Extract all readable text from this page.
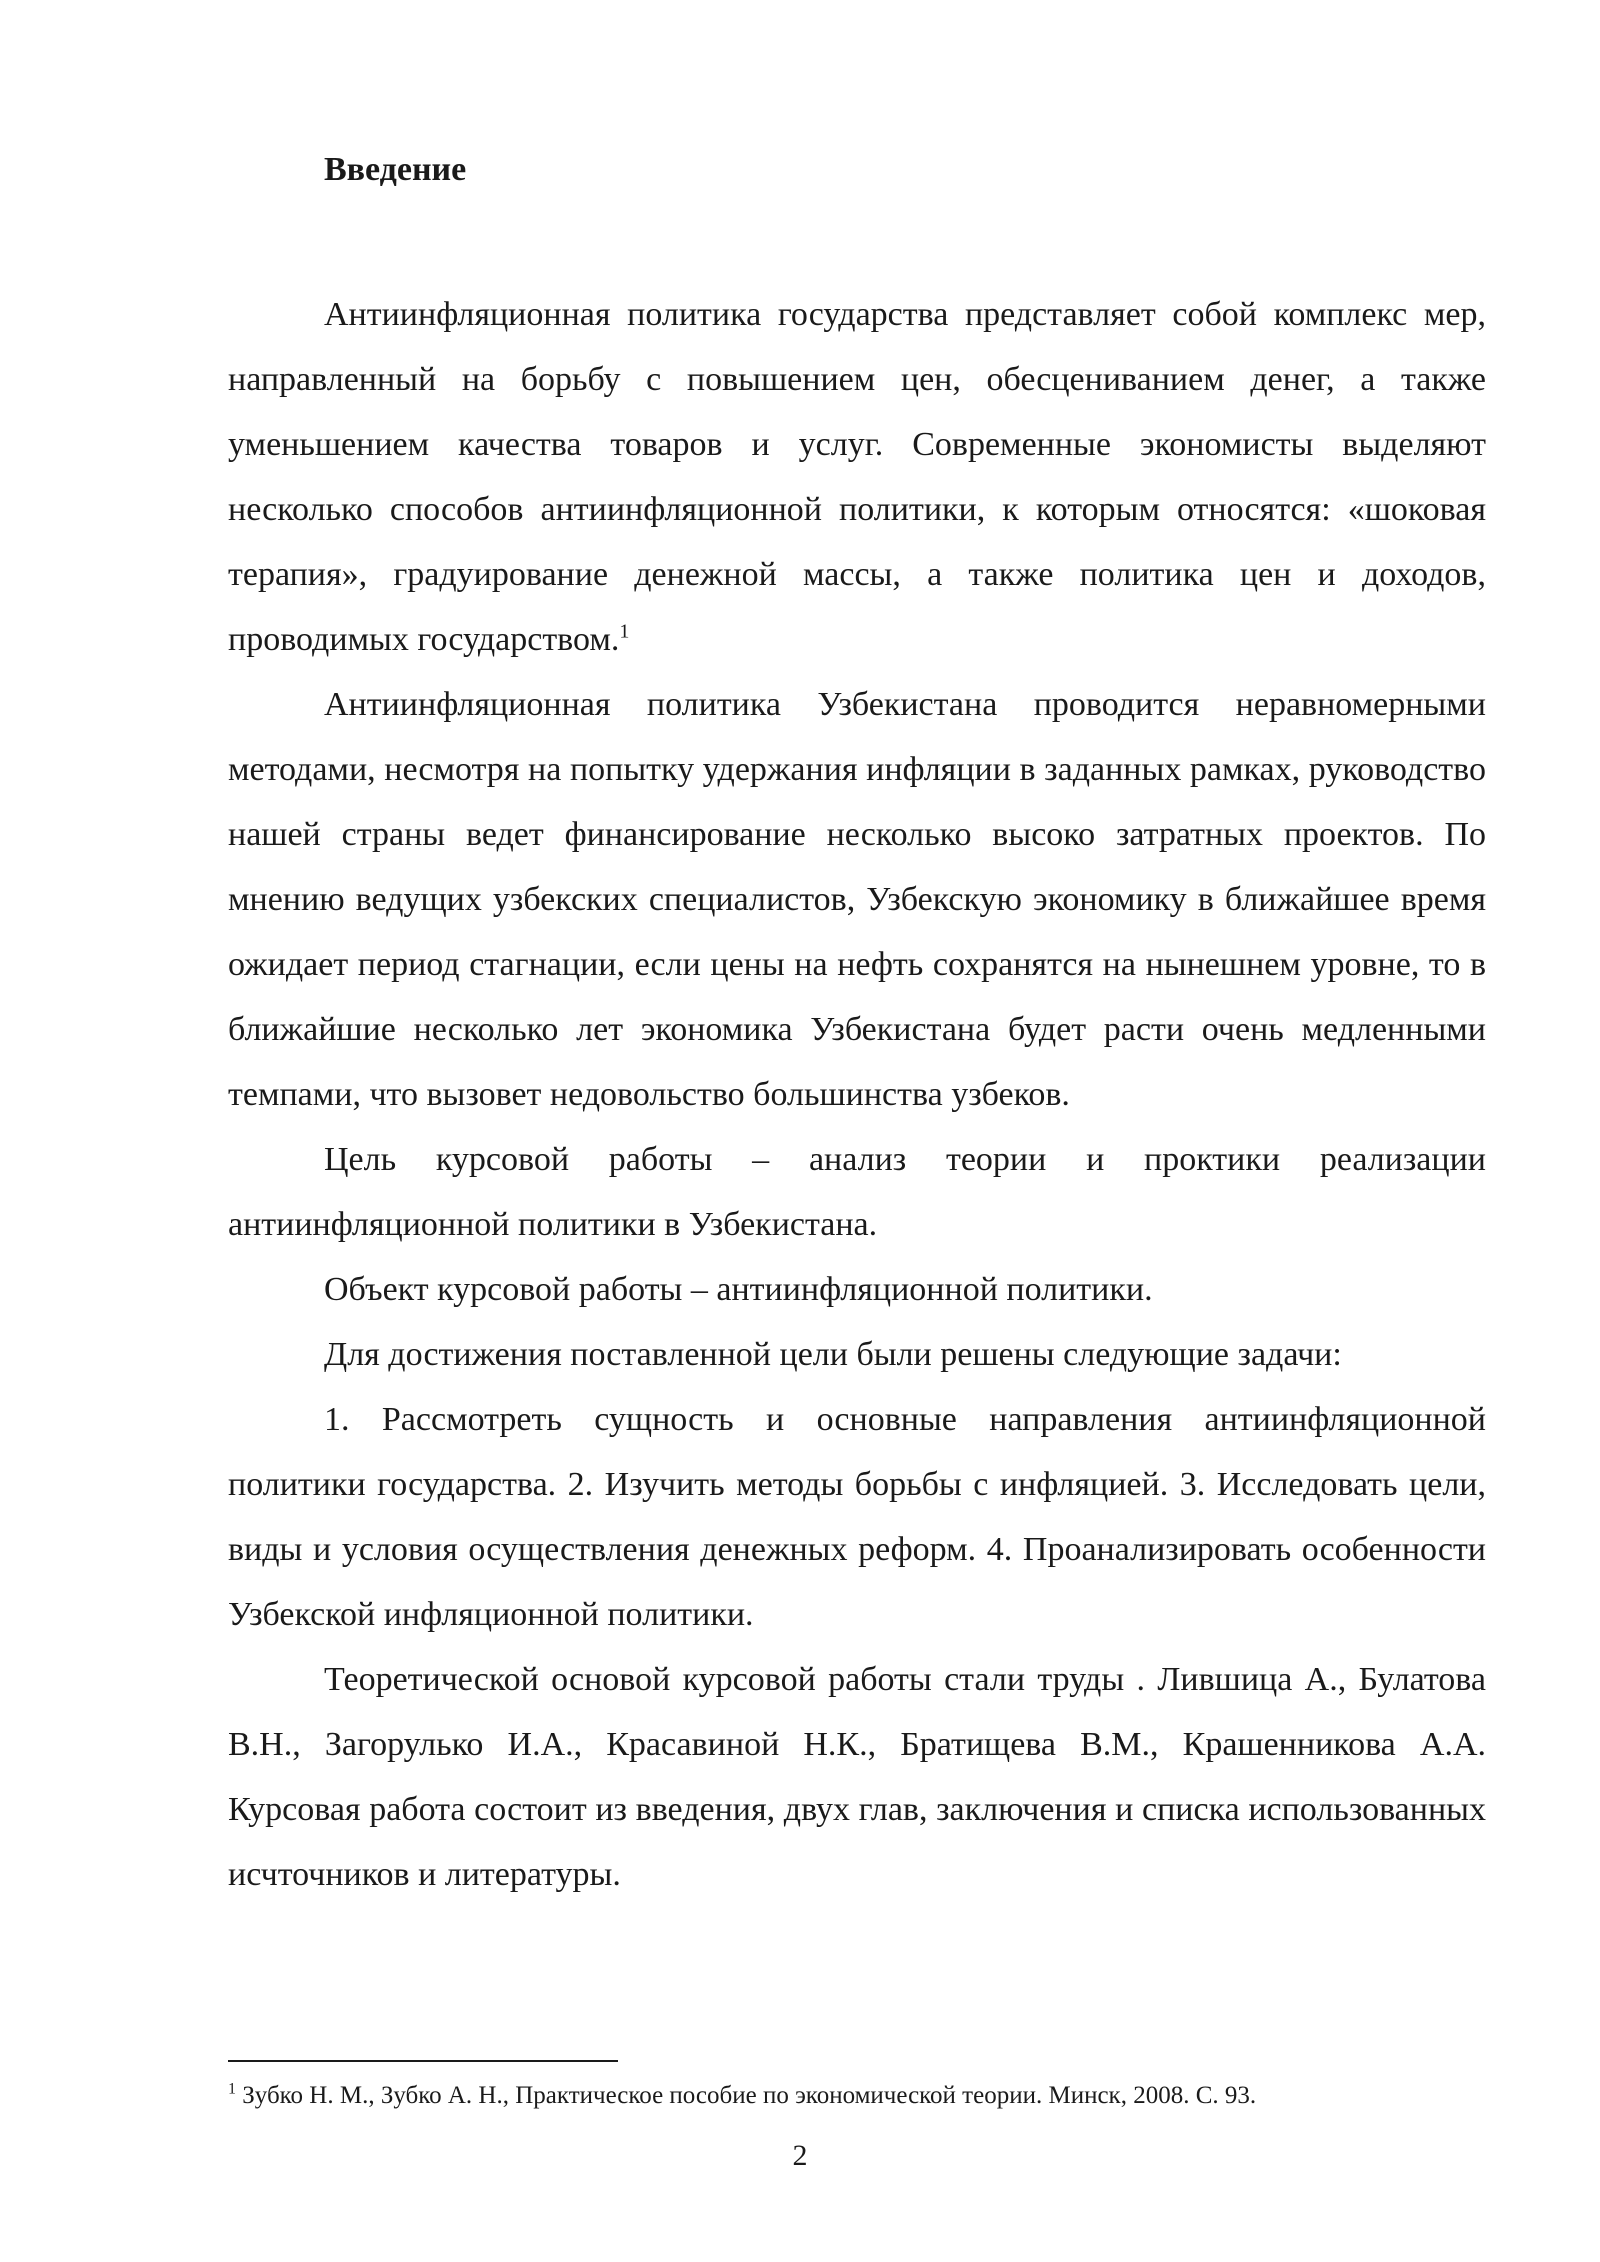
Введение

Антиинфляционная политика государства представляет собой комплекс мер, направленный на борьбу с повышением цен, обесцениванием денег, а также уменьшением качества товаров и услуг. Современные экономисты выделяют несколько способов антиинфляционной политики, к которым относятся: «шоковая терапия», градуирование денежной массы, а также политика цен и доходов, проводимых государством.$^1$

Антиинфляционная политика Узбекистана проводится неравномерными методами, несмотря на попытку удержания инфляции в заданных рамках, руководство нашей страны ведет финансирование несколько высоко затратных проектов. По мнению ведущих узбекских специалистов, Узбекскую экономику в ближайшее время ожидает период стагнации, если цены на нефть сохранятся на нынешнем уровне, то в ближайшие несколько лет экономика Узбекистана будет расти очень медленными темпами, что вызовет недовольство большинства узбеков.

Цель курсовой работы – анализ теории и проктики реализации антиинфляционной политики в Узбекистана.

Объект курсовой работы – антиинфляционной политики.

Для достижения поставленной цели были решены следующие задачи:

1. Рассмотреть сущность и основные направления антиинфляционной политики государства. 2. Изучить методы борьбы с инфляцией. 3. Исследовать цели, виды и условия осуществления денежных реформ. 4. Проанализировать особенности Узбекской инфляционной политики.

Теоретической основой курсовой работы стали труды . Лившица А., Булатова В.Н., Загорулько И.А., Красавиной Н.К., Братищева В.М., Крашенникова А.А. Курсовая работа состоит из введения, двух глав, заключения и списка использованных исчточников и литературы.

$^1$ Зубко Н. М., Зубко А. Н., Практическое пособие по экономической теории. Минск, 2008. С. 93.

2
